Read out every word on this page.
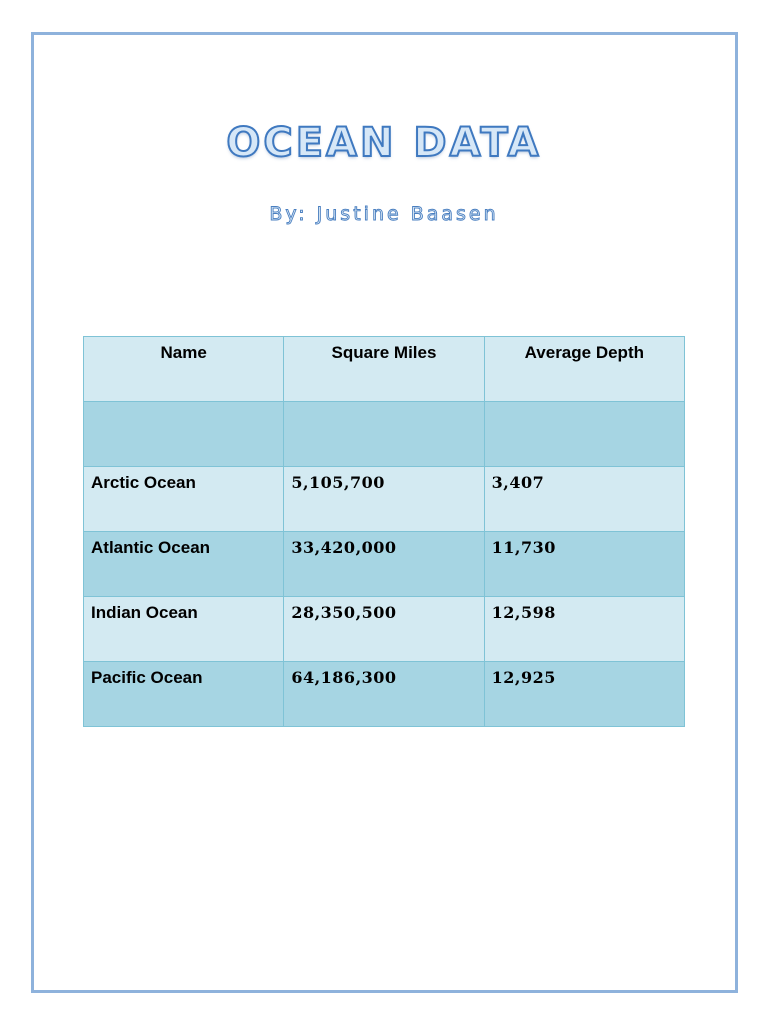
OCEAN DATA
By: Justine Baasen
Name	Square Miles	Average Depth

Arctic Ocean	5,105,700	3,407
Atlantic Ocean	33,420,000	11,730
Indian Ocean	28,350,500	12,598
Pacific Ocean	64,186,300	12,925
